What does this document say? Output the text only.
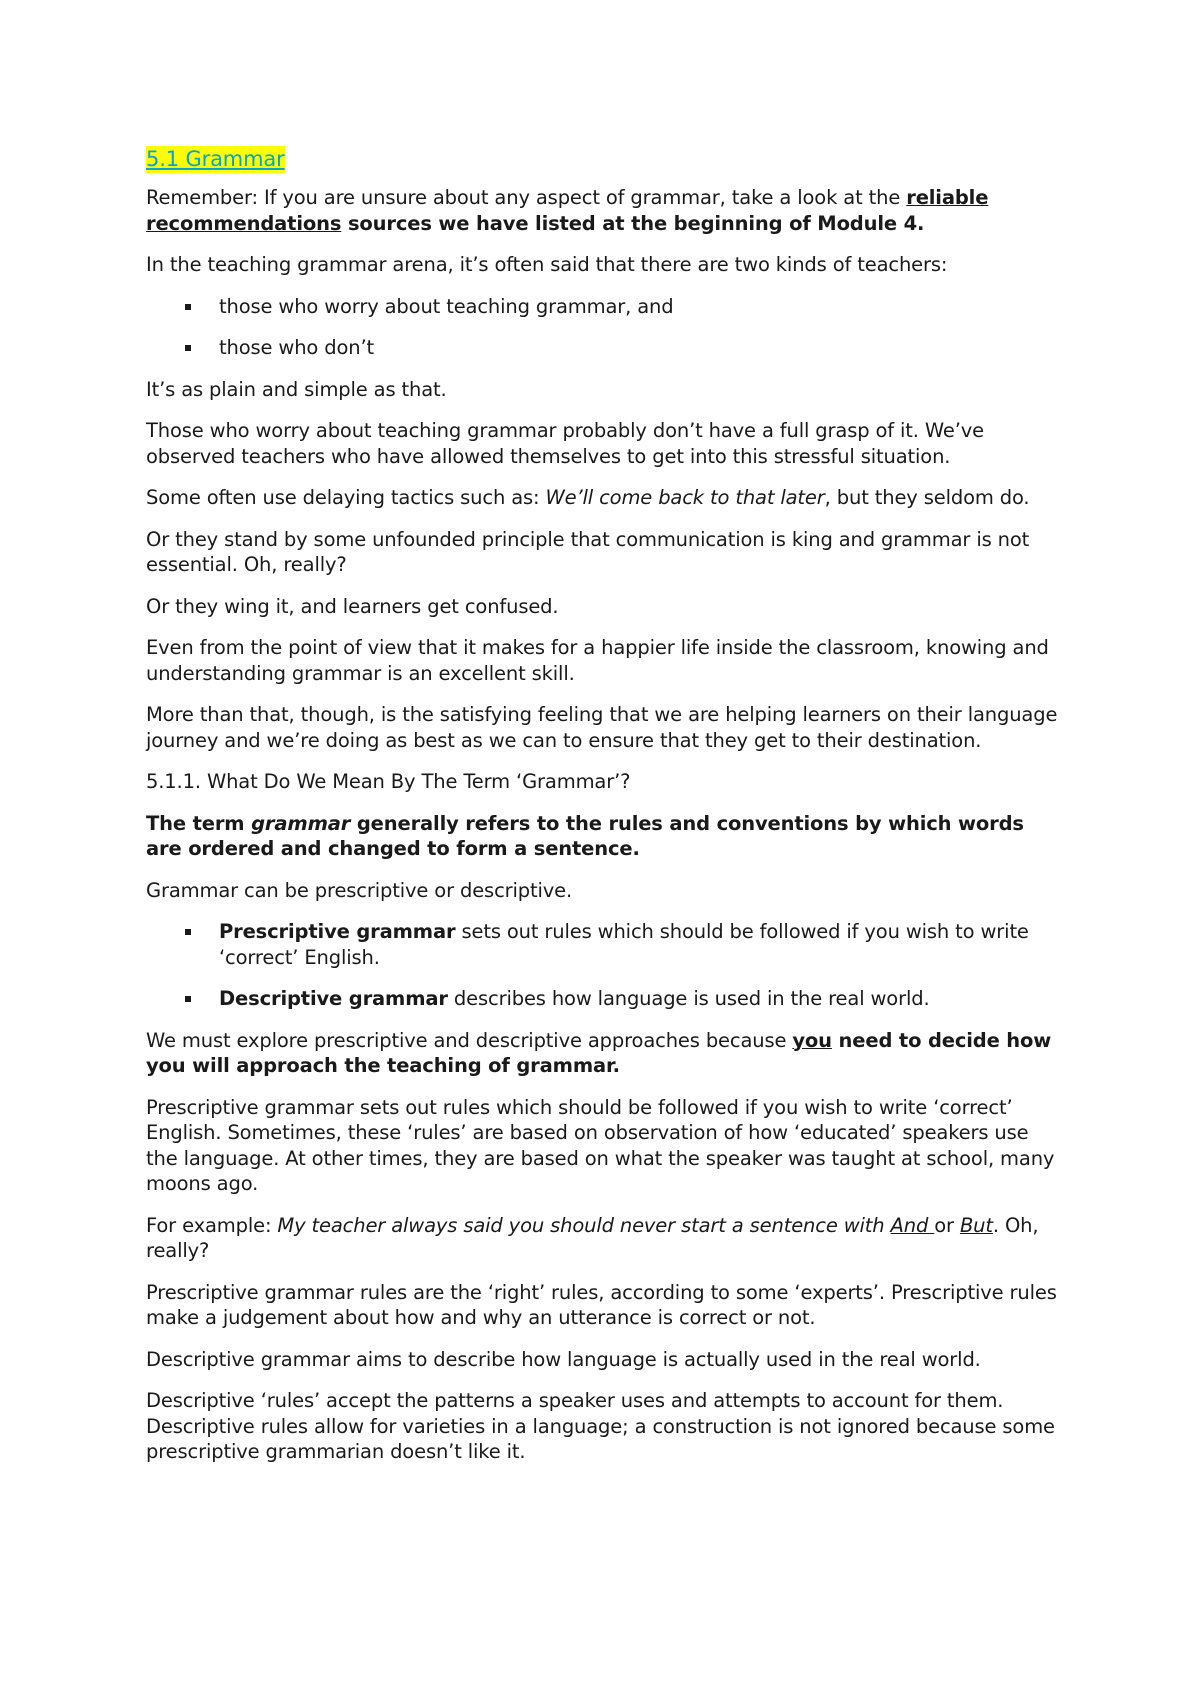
5.1 Grammar

Remember: If you are unsure about any aspect of grammar, take a look at the reliable recommendations sources we have listed at the beginning of Module 4.

In the teaching grammar arena, it’s often said that there are two kinds of teachers:

those who worry about teaching grammar, and
those who don’t

It’s as plain and simple as that.

Those who worry about teaching grammar probably don’t have a full grasp of it. We’ve observed teachers who have allowed themselves to get into this stressful situation.

Some often use delaying tactics such as: We’ll come back to that later, but they seldom do.

Or they stand by some unfounded principle that communication is king and grammar is not essential. Oh, really?

Or they wing it, and learners get confused.

Even from the point of view that it makes for a happier life inside the classroom, knowing and understanding grammar is an excellent skill.

More than that, though, is the satisfying feeling that we are helping learners on their language journey and we’re doing as best as we can to ensure that they get to their destination.

5.1.1. What Do We Mean By The Term ‘Grammar’?

The term grammar generally refers to the rules and conventions by which words are ordered and changed to form a sentence.

Grammar can be prescriptive or descriptive.

Prescriptive grammar sets out rules which should be followed if you wish to write ‘correct’ English.
Descriptive grammar describes how language is used in the real world.

We must explore prescriptive and descriptive approaches because you need to decide how you will approach the teaching of grammar.

Prescriptive grammar sets out rules which should be followed if you wish to write ‘correct’ English. Sometimes, these ‘rules’ are based on observation of how ‘educated’ speakers use the language. At other times, they are based on what the speaker was taught at school, many moons ago.

For example: My teacher always said you should never start a sentence with And or But. Oh, really?

Prescriptive grammar rules are the ‘right’ rules, according to some ‘experts’. Prescriptive rules make a judgement about how and why an utterance is correct or not.

Descriptive grammar aims to describe how language is actually used in the real world.

Descriptive ‘rules’ accept the patterns a speaker uses and attempts to account for them. Descriptive rules allow for varieties in a language; a construction is not ignored because some prescriptive grammarian doesn’t like it.
